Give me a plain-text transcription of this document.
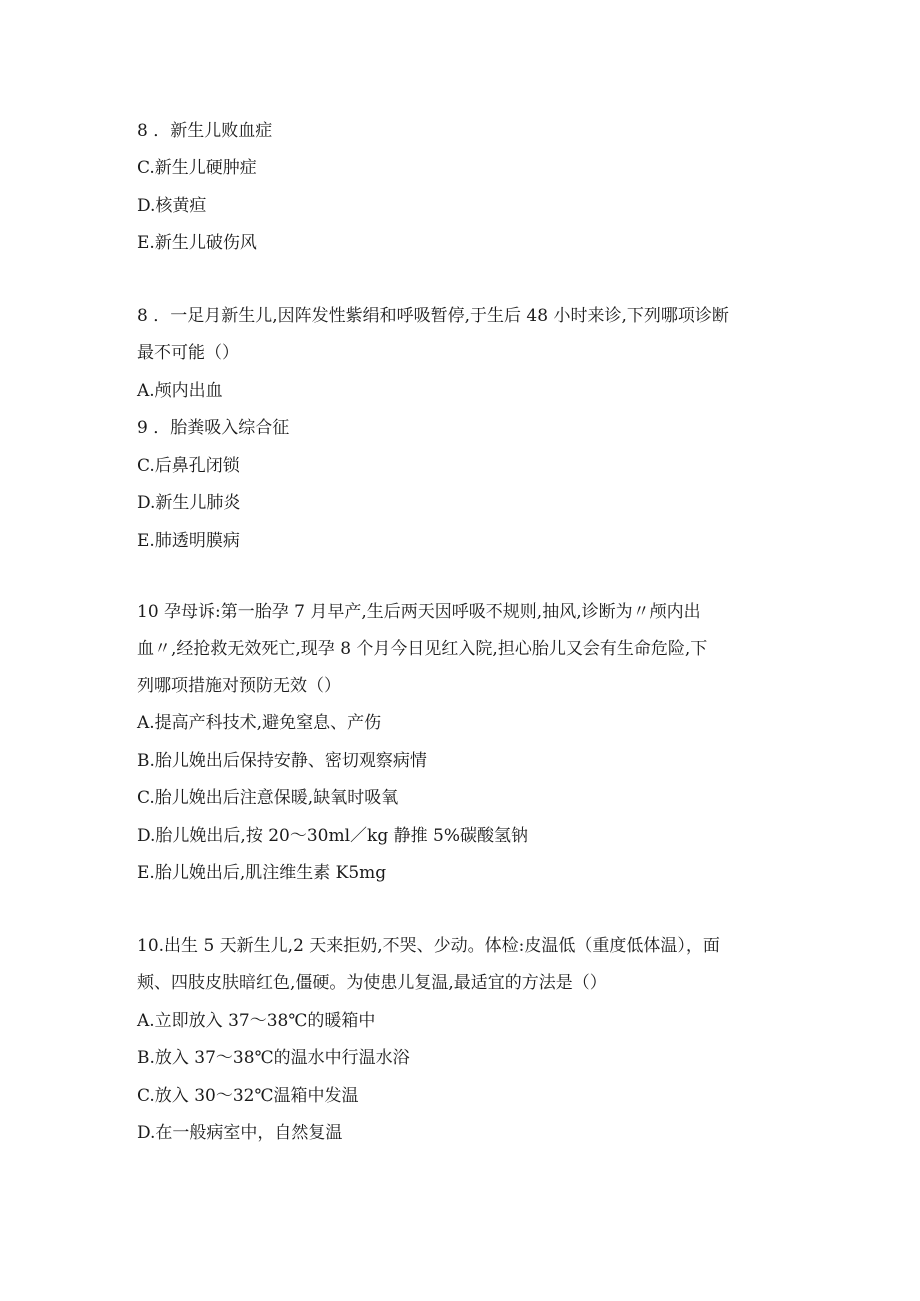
8 ．新生儿败血症
C.新生儿硬肿症
D.核黄疸
E.新生儿破伤风
8 ．一足月新生儿,因阵发性紫绢和呼吸暂停,于生后 48 小时来诊,下列哪项诊断
最不可能（）
A.颅内出血
9 ．胎粪吸入综合征
C.后鼻孔闭锁
D.新生儿肺炎
E.肺透明膜病
10 孕母诉:第一胎孕 7 月早产,生后两天因呼吸不规则,抽风,诊断为〃颅内出
血〃,经抢救无效死亡,现孕 8 个月今日见红入院,担心胎儿又会有生命危险,下
列哪项措施对预防无效（）
A.提高产科技术,避免窒息、产伤
B.胎儿娩出后保持安静、密切观察病情
C.胎儿娩出后注意保暖,缺氧时吸氧
D.胎儿娩出后,按 20～30ml／kg 静推 5%碳酸氢钠
E.胎儿娩出后,肌注维生素 K5mg
10.出生 5 天新生儿,2 天来拒奶,不哭、少动。体检:皮温低（重度低体温），面
颊、四肢皮肤暗红色,僵硬。为使患儿复温,最适宜的方法是（）
A.立即放入 37～38℃的暖箱中
B.放入 37～38℃的温水中行温水浴
C.放入 30～32℃温箱中发温
D.在一般病室中，自然复温
